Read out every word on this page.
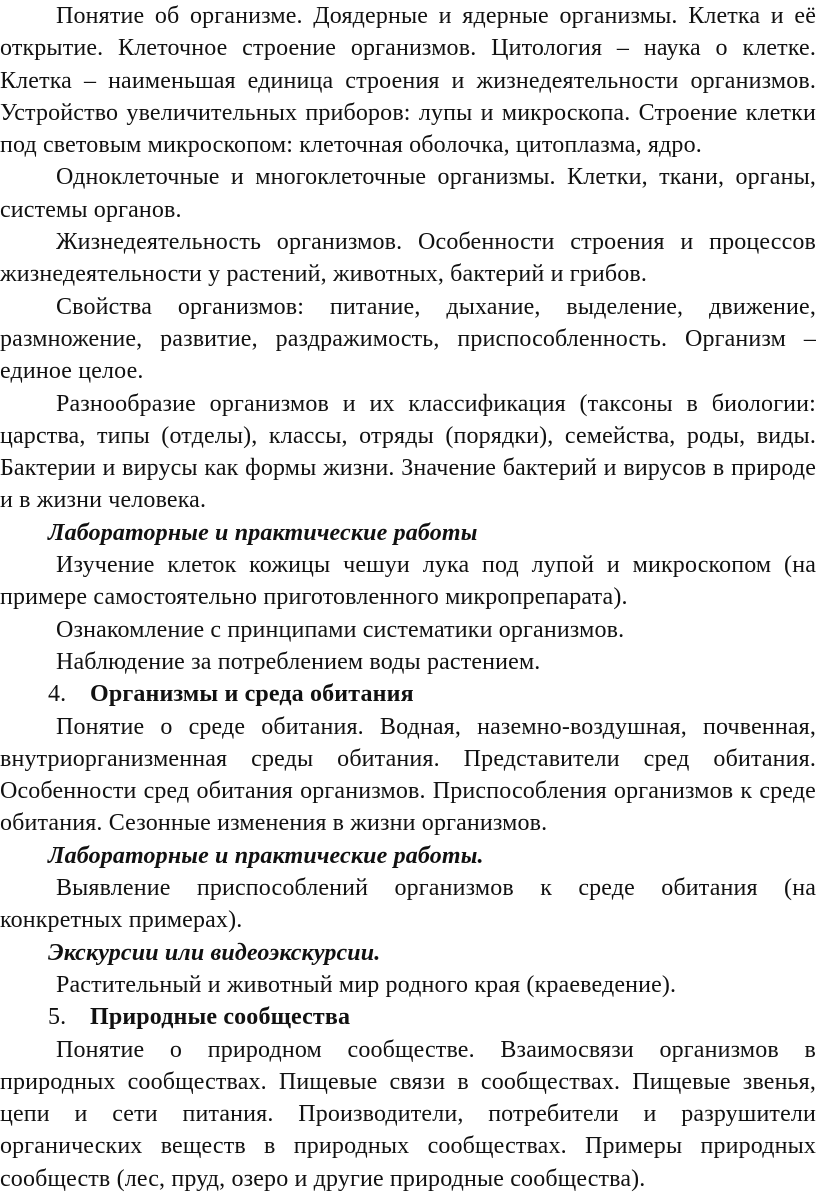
Понятие об организме. Доядерные и ядерные организмы. Клетка и её открытие. Клеточное строение организмов. Цитология – наука о клетке. Клетка – наименьшая единица строения и жизнедеятельности организмов. Устройство увеличительных приборов: лупы и микроскопа. Строение клетки под световым микроскопом: клеточная оболочка, цитоплазма, ядро.

Одноклеточные и многоклеточные организмы. Клетки, ткани, органы, системы органов.

Жизнедеятельность организмов. Особенности строения и процессов жизнедеятельности у растений, животных, бактерий и грибов.

Свойства организмов: питание, дыхание, выделение, движение, размножение, развитие, раздражимость, приспособленность. Организм – единое целое.

Разнообразие организмов и их классификация (таксоны в биологии: царства, типы (отделы), классы, отряды (порядки), семейства, роды, виды. Бактерии и вирусы как формы жизни. Значение бактерий и вирусов в природе и в жизни человека.

Лабораторные и практические работы

Изучение клеток кожицы чешуи лука под лупой и микроскопом (на примере самостоятельно приготовленного микропрепарата).

Ознакомление с принципами систематики организмов.

Наблюдение за потреблением воды растением.

4. Организмы и среда обитания

Понятие о среде обитания. Водная, наземно-воздушная, почвенная, внутриорганизменная среды обитания. Представители сред обитания. Особенности сред обитания организмов. Приспособления организмов к среде обитания. Сезонные изменения в жизни организмов.

Лабораторные и практические работы.

Выявление приспособлений организмов к среде обитания (на конкретных примерах).

Экскурсии или видеоэкскурсии.

Растительный и животный мир родного края (краеведение).

5. Природные сообщества

Понятие о природном сообществе. Взаимосвязи организмов в природных сообществах. Пищевые связи в сообществах. Пищевые звенья, цепи и сети питания. Производители, потребители и разрушители органических веществ в природных сообществах. Примеры природных сообществ (лес, пруд, озеро и другие природные сообщества).
